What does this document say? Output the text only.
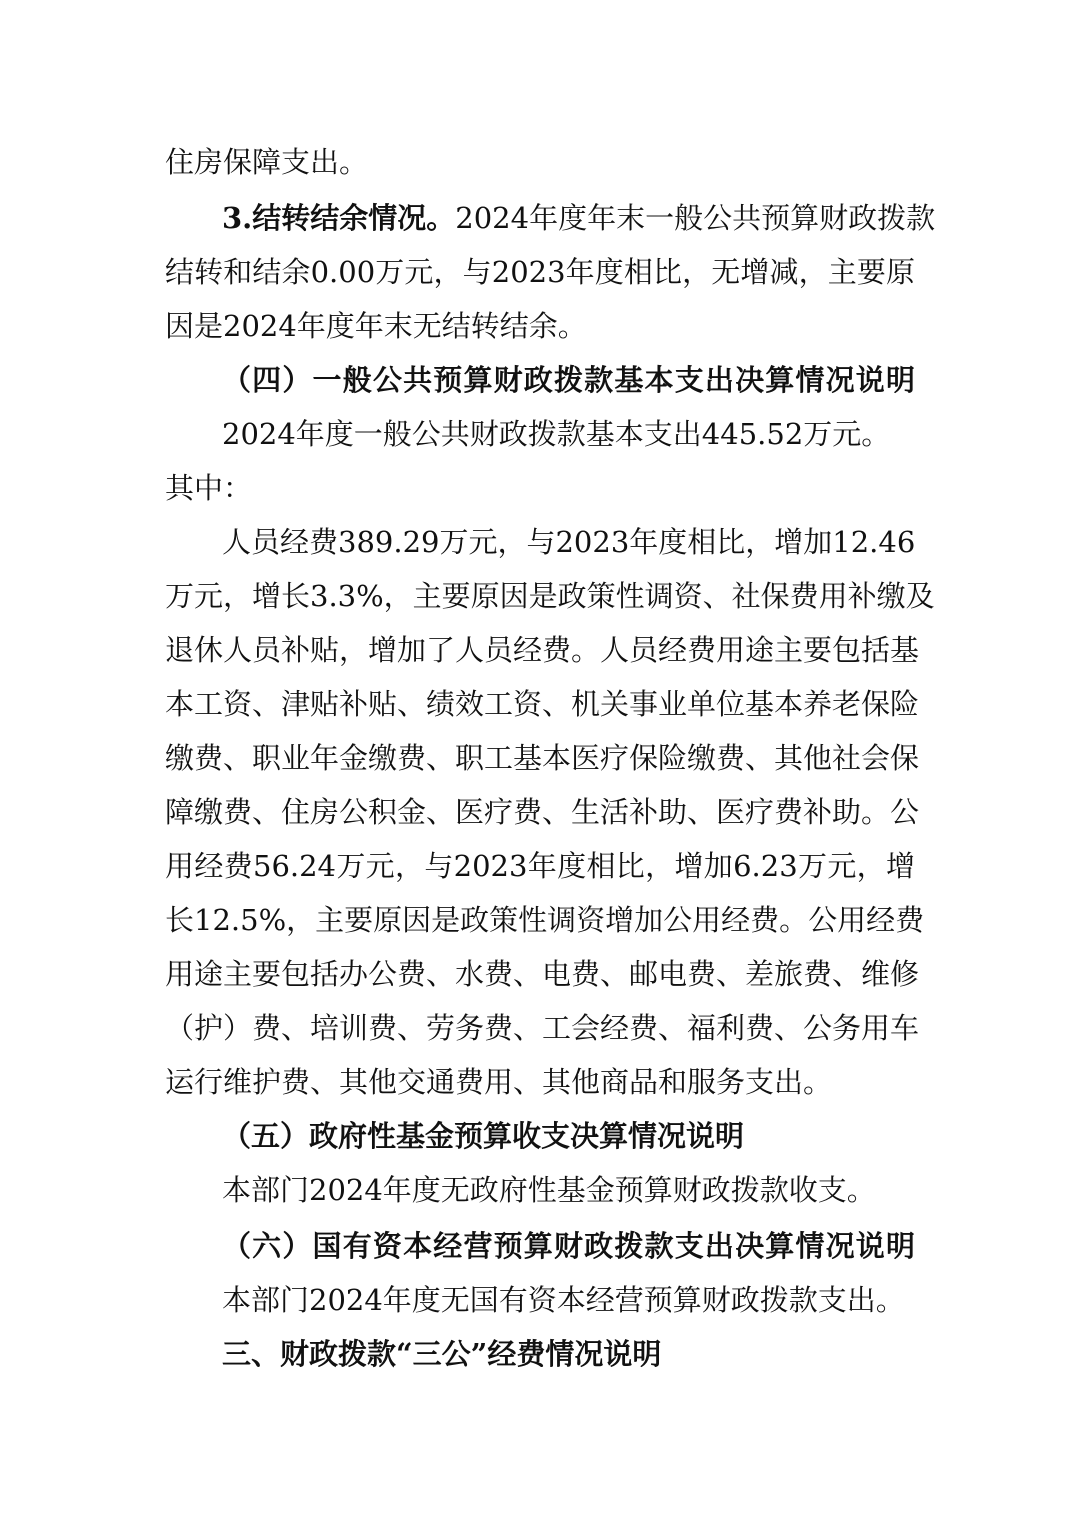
住房保障支出。
3.结转结余情况。2024年度年末一般公共预算财政拨款
结转和结余0.00万元，与2023年度相比，无增减，主要原
因是2024年度年末无结转结余。
（四）一般公共预算财政拨款基本支出决算情况说明
2024年度一般公共财政拨款基本支出445.52万元。
其中：
人员经费389.29万元，与2023年度相比，增加12.46
万元，增长3.3%，主要原因是政策性调资、社保费用补缴及
退休人员补贴，增加了人员经费。人员经费用途主要包括基
本工资、津贴补贴、绩效工资、机关事业单位基本养老保险
缴费、职业年金缴费、职工基本医疗保险缴费、其他社会保
障缴费、住房公积金、医疗费、生活补助、医疗费补助。公
用经费56.24万元，与2023年度相比，增加6.23万元，增
长12.5%，主要原因是政策性调资增加公用经费。公用经费
用途主要包括办公费、水费、电费、邮电费、差旅费、维修
（护）费、培训费、劳务费、工会经费、福利费、公务用车
运行维护费、其他交通费用、其他商品和服务支出。
（五）政府性基金预算收支决算情况说明
本部门2024年度无政府性基金预算财政拨款收支。
（六）国有资本经营预算财政拨款支出决算情况说明
本部门2024年度无国有资本经营预算财政拨款支出。
三、财政拨款“三公”经费情况说明
